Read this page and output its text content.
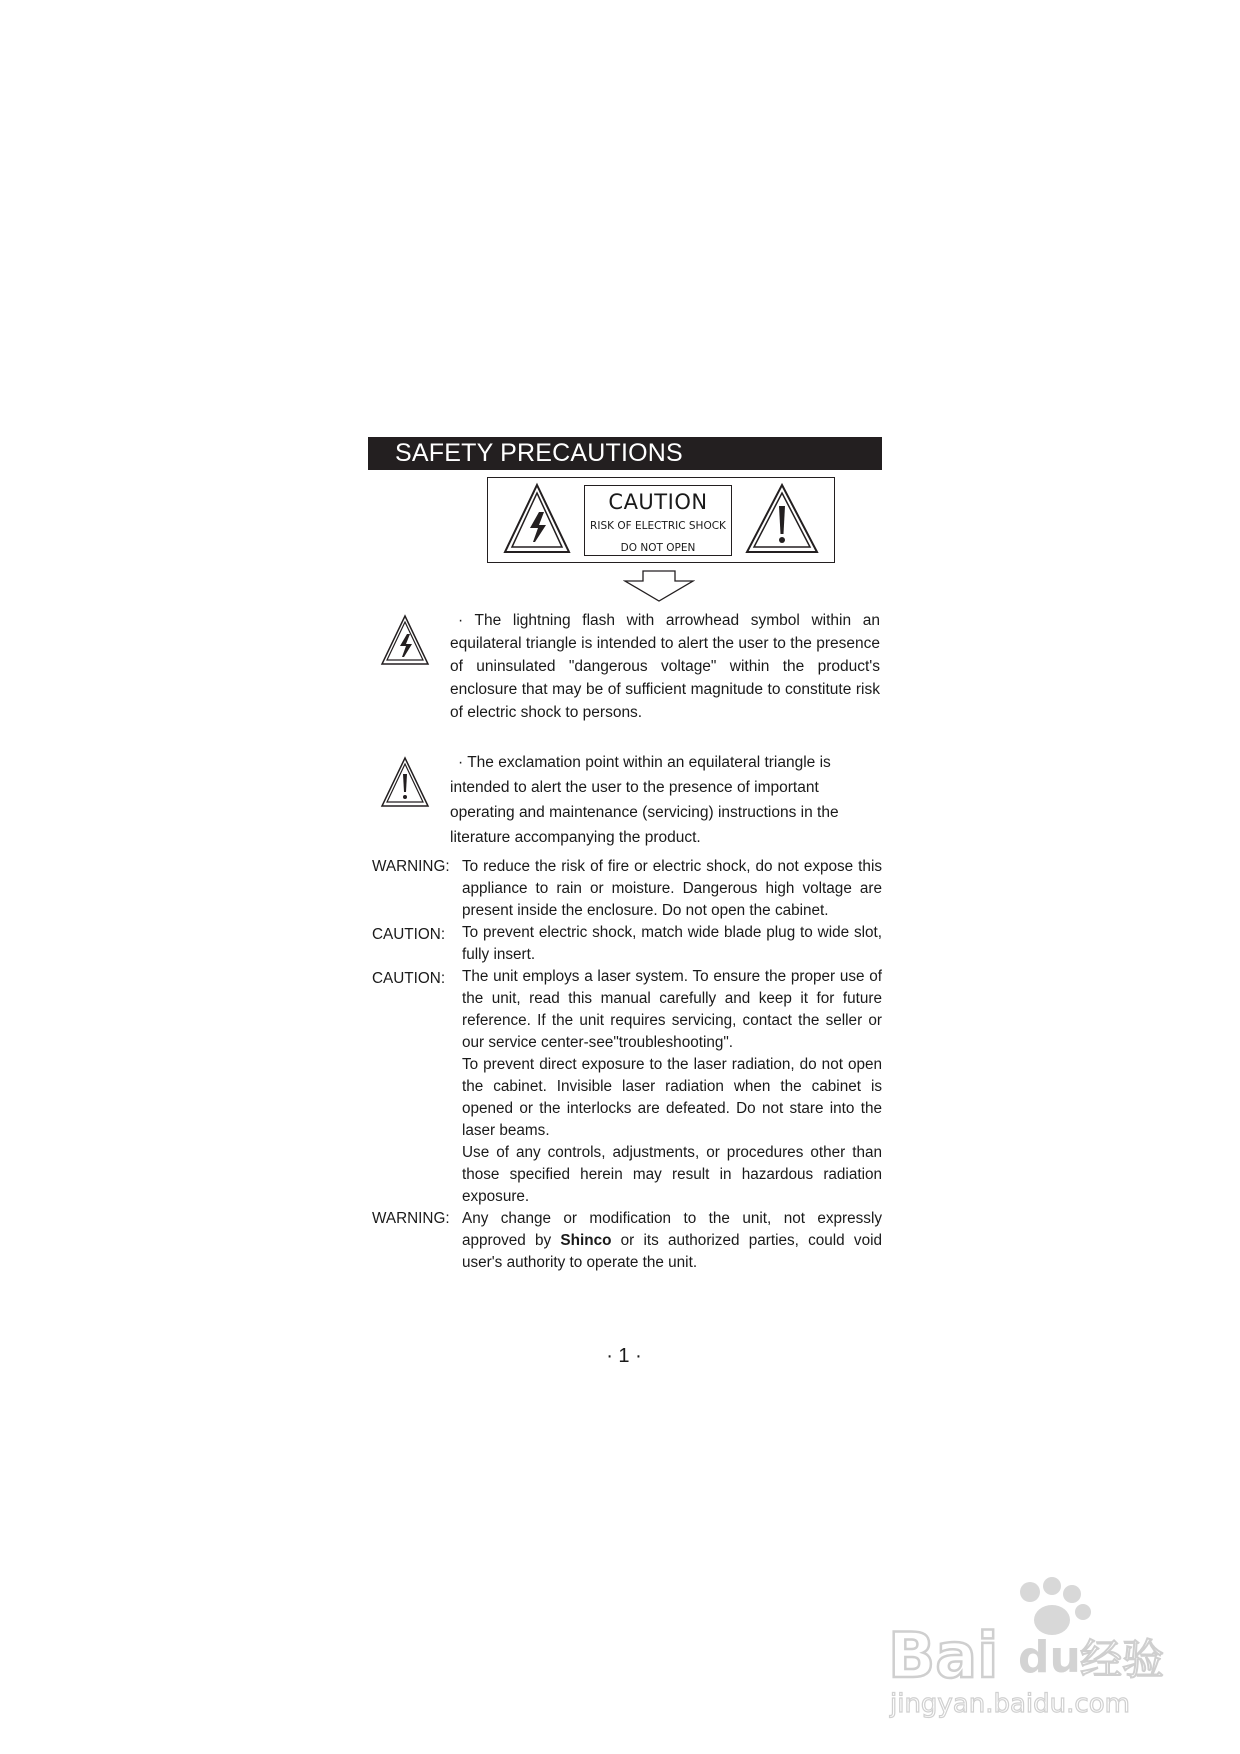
SAFETY PRECAUTIONS
CAUTION
RISK OF ELECTRIC SHOCK
DO NOT OPEN

· The lightning flash with arrowhead symbol within an equilateral triangle is intended to alert the user to the presence of uninsulated "dangerous voltage" within the product's enclosure that may be of sufficient magnitude to constitute risk of electric shock to persons.

· The exclamation point within an equilateral triangle is intended to alert the user to the presence of important operating and maintenance (servicing) instructions in the literature accompanying the product.

WARNING: To reduce the risk of fire or electric shock, do not expose this appliance to rain or moisture. Dangerous high voltage are present inside the enclosure. Do not open the cabinet.

CAUTION:	To prevent electric shock, match wide blade plug to wide slot, fully insert.

CAUTION:	The unit employs a laser system. To ensure the proper use of the unit, read this manual carefully and keep it for future reference. If the unit requires servicing, contact the seller or our service center-see"troubleshooting".

To prevent direct exposure to the laser radiation, do not open the cabinet. Invisible laser radiation when the cabinet is opened or the interlocks are defeated. Do not stare into the laser beams.

Use of any controls, adjustments, or procedures other than those specified herein may result in hazardous radiation exposure.

WARNING: Any change or modification to the unit, not expressly approved by Shinco or its authorized parties, could void user's authority to operate the unit.

· 1 ·
Bai du 经验
jingyan.baidu.com
